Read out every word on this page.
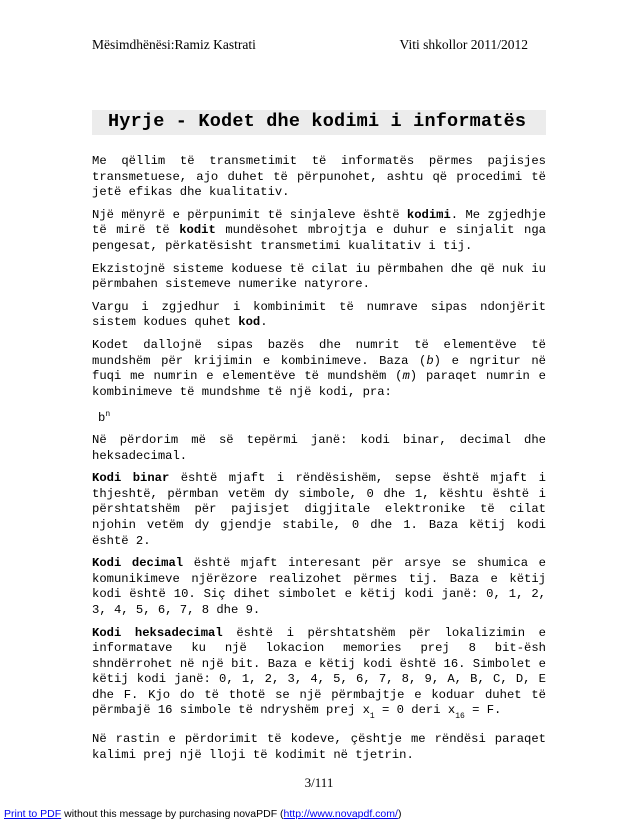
Mësimdhënësi:Ramiz Kastrati	Viti shkollor 2011/2012
Hyrje - Kodet dhe kodimi i informatës

Me qëllim të transmetimit të informatës përmes pajisjes transmetuese, ajo duhet të përpunohet, ashtu që procedimi të jetë efikas dhe kualitativ.

Një mënyrë e përpunimit të sinjaleve është kodimi. Me zgjedhje të mirë të kodit mundësohet mbrojtja e duhur e sinjalit nga pengesat, përkatësisht transmetimi kualitativ i tij.

Ekzistojnë sisteme koduese të cilat iu përmbahen dhe që nuk iu përmbahen sistemeve numerike natyrore.

Vargu i zgjedhur i kombinimit të numrave sipas ndonjërit sistem kodues quhet kod.

Kodet dallojnë sipas bazës dhe numrit të elementëve të mundshëm për krijimin e kombinimeve. Baza (b) e ngritur në fuqi me numrin e elementëve të mundshëm (m) paraqet numrin e kombinimeve të mundshme të një kodi, pra:

$b^n$

Në përdorim më së tepërmi janë: kodi binar, decimal dhe heksadecimal.

Kodi binar është mjaft i rëndësishëm, sepse është mjaft i thjeshtë, përmban vetëm dy simbole, 0 dhe 1, kështu është i përshtatshëm për pajisjet digjitale elektronike të cilat njohin vetëm dy gjendje stabile, 0 dhe 1. Baza këtij kodi është 2.

Kodi decimal është mjaft interesant për arsye se shumica e komunikimeve njërëzore realizohet përmes tij. Baza e këtij kodi është 10. Siç dihet simbolet e këtij kodi janë: 0, 1, 2, 3, 4, 5, 6, 7, 8 dhe 9.

Kodi heksadecimal është i përshtatshëm për lokalizimin e informatave ku një lokacion memories prej 8 bit-ësh shndërrohet në një bit. Baza e këtij kodi është 16. Simbolet e këtij kodi janë: 0, 1, 2, 3, 4, 5, 6, 7, 8, 9, A, B, C, D, E dhe F. Kjo do të thotë se një përmbajtje e koduar duhet të përmbajë 16 simbole të ndryshëm prej $x_1 = 0$ deri $x_{16} = F$.

Në rastin e përdorimit të kodeve, çështje me rëndësi paraqet kalimi prej një lloji të kodimit në tjetrin.

3/111
Print to PDF without this message by purchasing novaPDF (http://www.novapdf.com/)
